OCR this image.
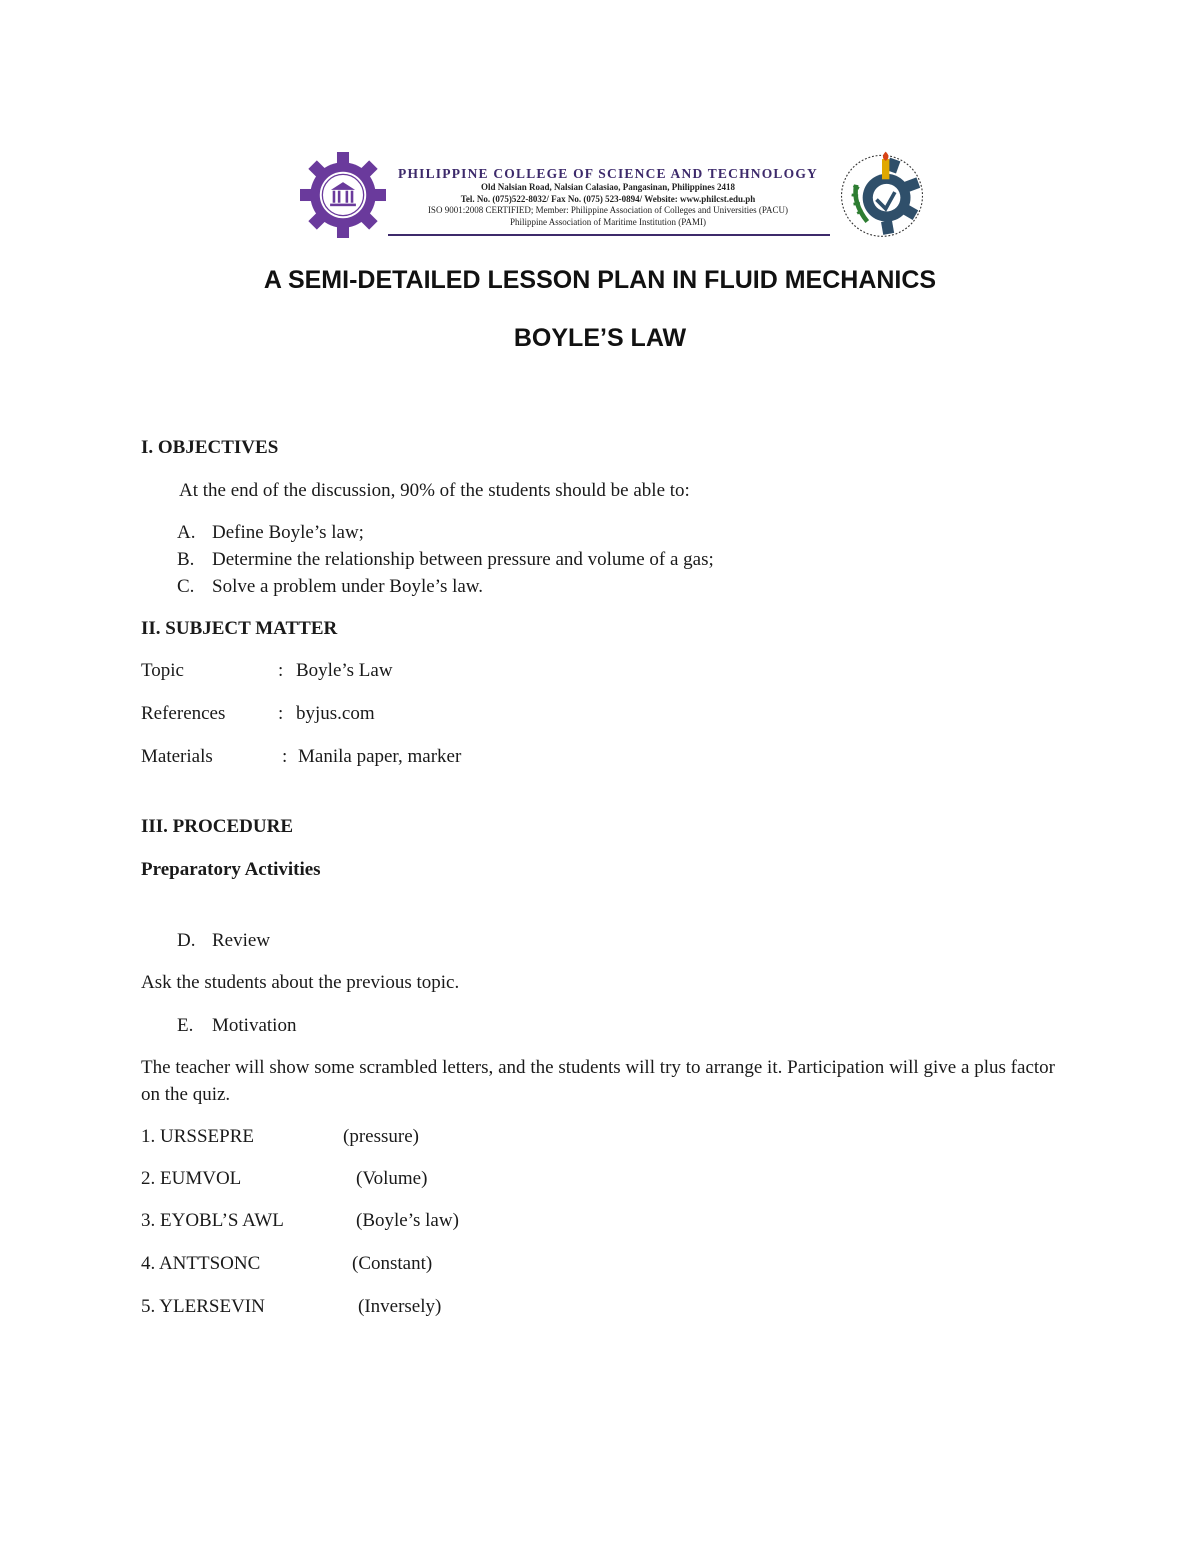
PHILIPPINE COLLEGE OF SCIENCE AND TECHNOLOGY
Old Nalsian Road, Nalsian Calasiao, Pangasinan, Philippines 2418
Tel. No. (075)522-8032/ Fax No. (075) 523-0894/ Website: www.philcst.edu.ph
ISO 9001:2008 CERTIFIED; Member: Philippine Association of Colleges and Universities (PACU)
Philippine Association of Maritime Institution (PAMI)
A SEMI-DETAILED LESSON PLAN IN FLUID MECHANICS
BOYLE’S LAW
I. OBJECTIVES
At the end of the discussion, 90% of the students should be able to:
A. Define Boyle’s law;
B. Determine the relationship between pressure and volume of a gas;
C. Solve a problem under Boyle’s law.
II. SUBJECT MATTER
Topic	: Boyle’s Law
References	: byjus.com
Materials	: Manila paper, marker
III. PROCEDURE
Preparatory Activities
D. Review
Ask the students about the previous topic.
E. Motivation
The teacher will show some scrambled letters, and the students will try to arrange it. Participation will give a plus factor on the quiz.
1. URSSEPRE	(pressure)
2. EUMVOL	(Volume)
3. EYOBL’S AWL	(Boyle’s law)
4. ANTTSONC	(Constant)
5. YLERSEVIN	(Inversely)
